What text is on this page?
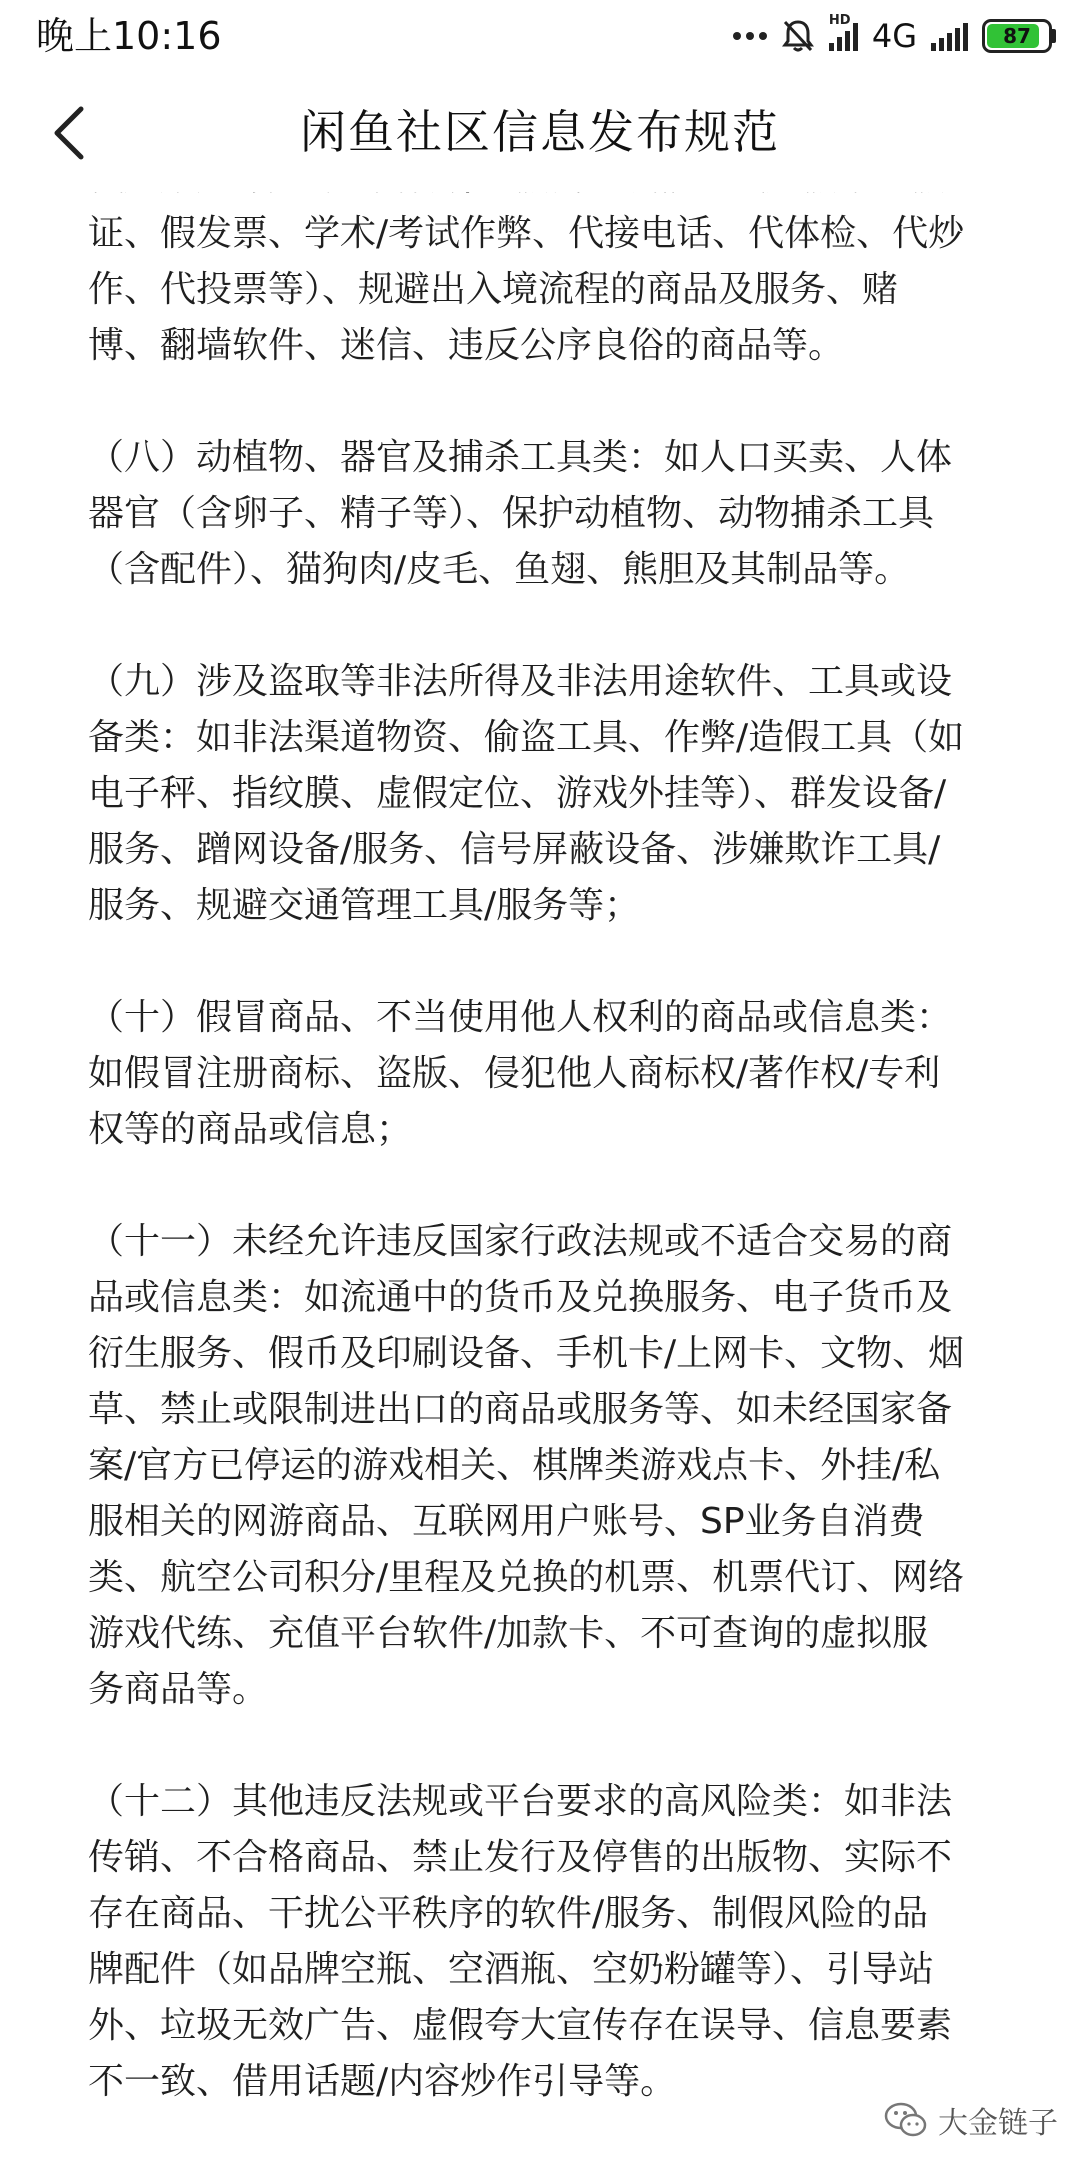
晚上10:16	HD 4G	87
闲鱼社区信息发布规范

证、假发票、学术/考试作弊、代接电话、代体检、代炒
作、代投票等）、规避出入境流程的商品及服务、赌
博、翻墙软件、迷信、违反公序良俗的商品等。

（八）动植物、器官及捕杀工具类：如人口买卖、人体
器官（含卵子、精子等）、保护动植物、动物捕杀工具
（含配件）、猫狗肉/皮毛、鱼翅、熊胆及其制品等。

（九）涉及盗取等非法所得及非法用途软件、工具或设
备类：如非法渠道物资、偷盗工具、作弊/造假工具（如
电子秤、指纹膜、虚假定位、游戏外挂等）、群发设备/
服务、蹭网设备/服务、信号屏蔽设备、涉嫌欺诈工具/
服务、规避交通管理工具/服务等；

（十）假冒商品、不当使用他人权利的商品或信息类：
如假冒注册商标、盗版、侵犯他人商标权/著作权/专利
权等的商品或信息；

（十一）未经允许违反国家行政法规或不适合交易的商
品或信息类：如流通中的货币及兑换服务、电子货币及
衍生服务、假币及印刷设备、手机卡/上网卡、文物、烟
草、禁止或限制进出口的商品或服务等、如未经国家备
案/官方已停运的游戏相关、棋牌类游戏点卡、外挂/私
服相关的网游商品、互联网用户账号、SP业务自消费
类、航空公司积分/里程及兑换的机票、机票代订、网络
游戏代练、充值平台软件/加款卡、不可查询的虚拟服
务商品等。

（十二）其他违反法规或平台要求的高风险类：如非法
传销、不合格商品、禁止发行及停售的出版物、实际不
存在商品、干扰公平秩序的软件/服务、制假风险的品
牌配件（如品牌空瓶、空酒瓶、空奶粉罐等）、引导站
外、垃圾无效广告、虚假夸大宣传存在误导、信息要素
不一致、借用话题/内容炒作引导等。

大金链子
